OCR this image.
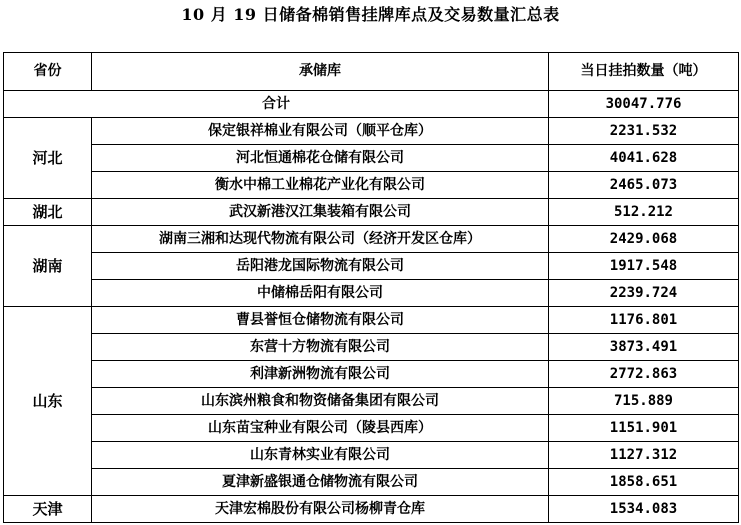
10 月 19 日储备棉销售挂牌库点及交易数量汇总表
省份	承储库	当日挂拍数量（吨）
合计		30047.776
河北	保定银祥棉业有限公司（顺平仓库）	2231.532
	河北恒通棉花仓储有限公司	4041.628
	衡水中棉工业棉花产业化有限公司	2465.073
湖北	武汉新港汉江集装箱有限公司	512.212
湖南	湖南三湘和达现代物流有限公司（经济开发区仓库）	2429.068
	岳阳港龙国际物流有限公司	1917.548
	中储棉岳阳有限公司	2239.724
山东	曹县誉恒仓储物流有限公司	1176.801
	东营十方物流有限公司	3873.491
	利津新洲物流有限公司	2772.863
	山东滨州粮食和物资储备集团有限公司	715.889
	山东苗宝种业有限公司（陵县西库）	1151.901
	山东青林实业有限公司	1127.312
	夏津新盛银通仓储物流有限公司	1858.651
天津	天津宏棉股份有限公司杨柳青仓库	1534.083
